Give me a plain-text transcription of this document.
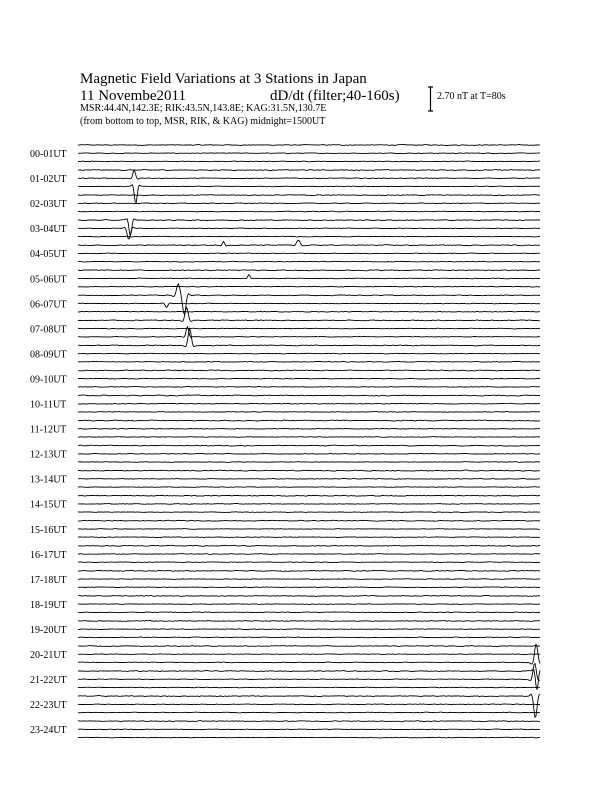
Magnetic Field Variations at 3 Stations in Japan
11 Novembe2011	dD/dt (filter;40-160s)
MSR:44.4N,142.3E; RIK:43.5N,143.8E; KAG:31.5N,130.7E
(from bottom to top, MSR, RIK, & KAG) midnight=1500UT
2.70 nT at T=80s
00-01UT
01-02UT
02-03UT
03-04UT
04-05UT
05-06UT
06-07UT
07-08UT
08-09UT
09-10UT
10-11UT
11-12UT
12-13UT
13-14UT
14-15UT
15-16UT
16-17UT
17-18UT
18-19UT
19-20UT
20-21UT
21-22UT
22-23UT
23-24UT
